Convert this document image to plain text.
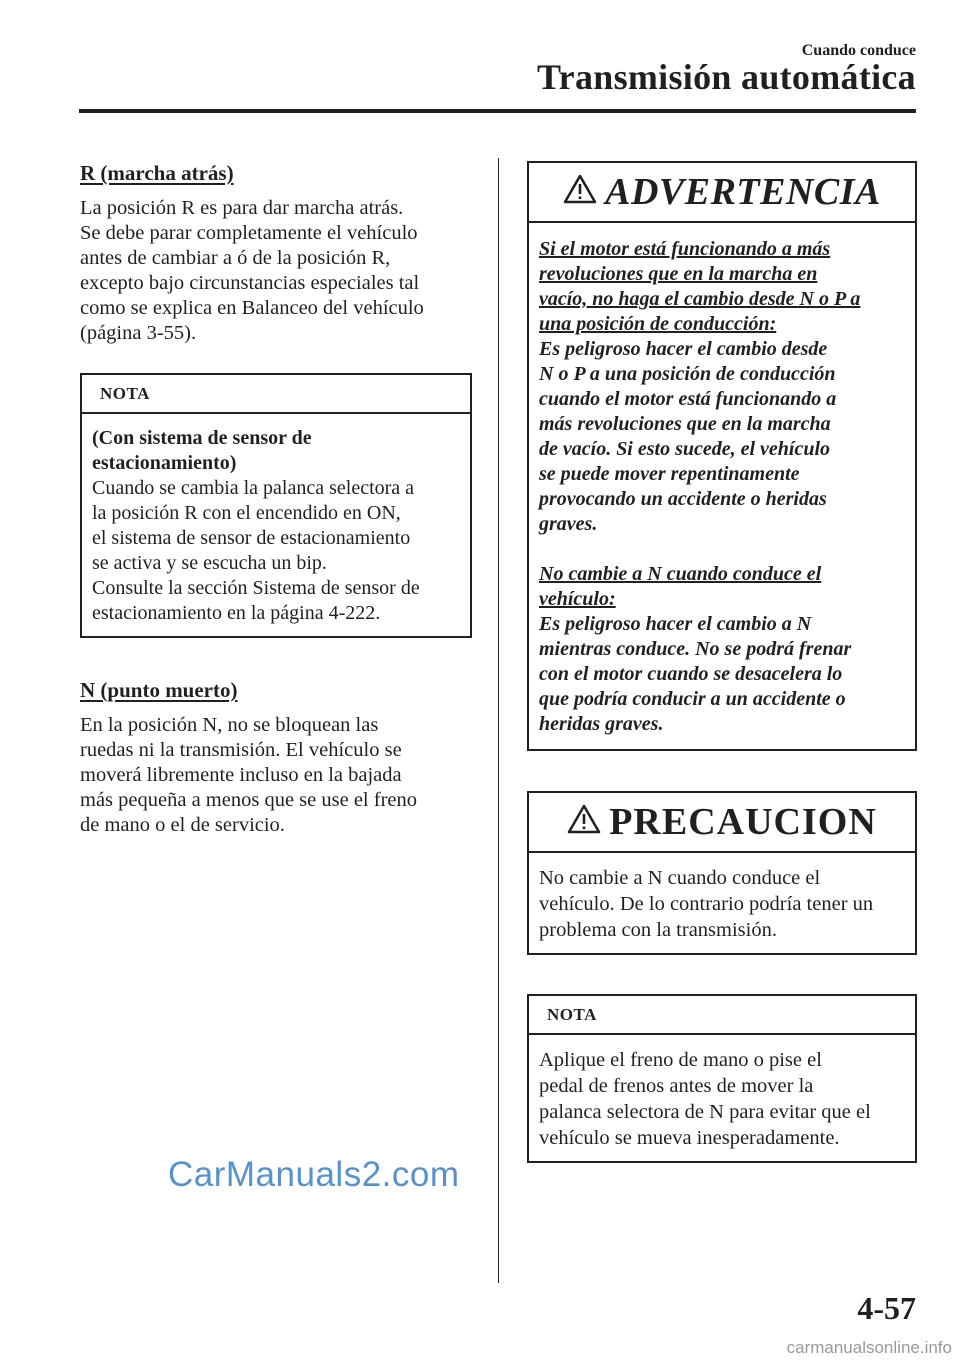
Cuando conduce
Transmisión automática
R (marcha atrás)
La posición R es para dar marcha atrás.
Se debe parar completamente el vehículo
antes de cambiar a ó de la posición R,
excepto bajo circunstancias especiales tal
como se explica en Balanceo del vehículo
(página 3-55).
NOTA
(Con sistema de sensor de
estacionamiento)
Cuando se cambia la palanca selectora a
la posición R con el encendido en ON,
el sistema de sensor de estacionamiento
se activa y se escucha un bip.
Consulte la sección Sistema de sensor de
estacionamiento en la página 4-222.
N (punto muerto)
En la posición N, no se bloquean las
ruedas ni la transmisión. El vehículo se
moverá libremente incluso en la bajada
más pequeña a menos que se use el freno
de mano o el de servicio.
ADVERTENCIA

Si el motor está funcionando a más

revoluciones que en la marcha en

vacío, no haga el cambio desde N o P a

una posición de conducción:

Es peligroso hacer el cambio desde

N o P a una posición de conducción

cuando el motor está funcionando a

más revoluciones que en la marcha

de vacío. Si esto sucede, el vehículo

se puede mover repentinamente

provocando un accidente o heridas

graves.

No cambie a N cuando conduce el

vehículo:

Es peligroso hacer el cambio a N

mientras conduce. No se podrá frenar

con el motor cuando se desacelera lo

que podría conducir a un accidente o

heridas graves.

PRECAUCION
No cambie a N cuando conduce el
vehículo. De lo contrario podría tener un
problema con la transmisión.
NOTA
Aplique el freno de mano o pise el
pedal de frenos antes de mover la
palanca selectora de N para evitar que el
vehículo se mueva inesperadamente.
CarManuals2.com
4-57
carmanualsonline.info
